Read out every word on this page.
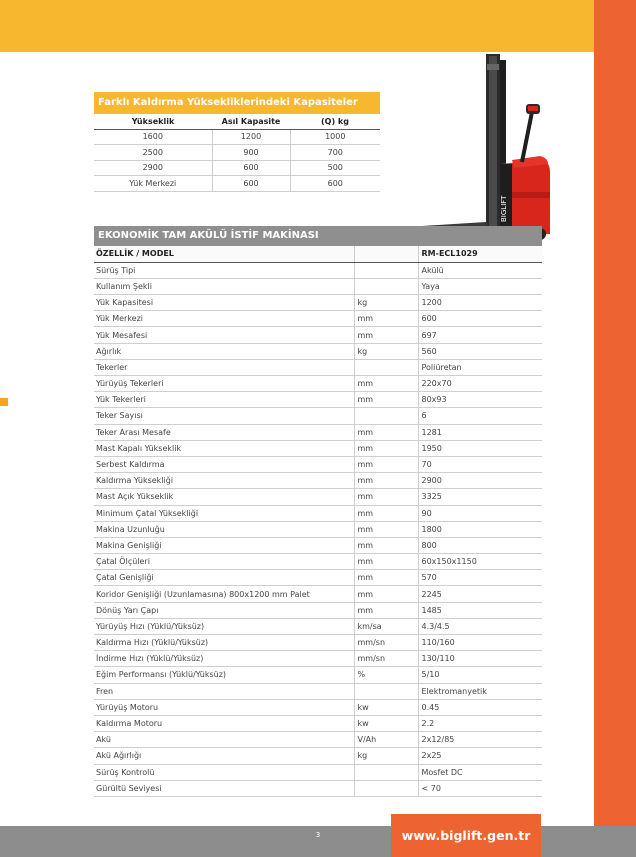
Farklı Kaldırma Yüksekliklerindeki Kapasiteler
Yükseklik	Asıl Kapasite	(Q) kg
1600	1200	1000
2500	900	700
2900	600	500
Yük Merkezi	600	600
BIGLIFT
EKONOMİK TAM AKÜLÜ İSTİF MAKİNASI
ÖZELLİK / MODEL		RM-ECL1029
Sürüş Tipi		Akülü
Kullanım Şekli		Yaya
Yük Kapasitesi	kg	1200
Yük Merkezi	mm	600
Yük Mesafesi	mm	697
Ağırlık	kg	560
Tekerler		Poliüretan
Yürüyüş Tekerleri	mm	220x70
Yük Tekerleri	mm	80x93
Teker Sayısı		6
Teker Arası Mesafe	mm	1281
Mast Kapalı Yükseklik	mm	1950
Serbest Kaldırma	mm	70
Kaldırma Yüksekliği	mm	2900
Mast Açık Yükseklik	mm	3325
Minimum Çatal Yüksekliği	mm	90
Makina Uzunluğu	mm	1800
Makina Genişliği	mm	800
Çatal Ölçüleri	mm	60x150x1150
Çatal Genişliği	mm	570
Koridor Genişliği (Uzunlamasına) 800x1200 mm Palet	mm	2245
Dönüş Yarı Çapı	mm	1485
Yürüyüş Hızı (Yüklü/Yüksüz)	km/sa	4.3/4.5
Kaldırma Hızı (Yüklü/Yüksüz)	mm/sn	110/160
İndirme Hızı (Yüklü/Yüksüz)	mm/sn	130/110
Eğim Performansı (Yüklü/Yüksüz)	%	5/10
Fren		Elektromanyetik
Yürüyüş Motoru	kw	0.45
Kaldırma Motoru	kw	2.2
Akü	V/Ah	2x12/85
Akü Ağırlığı	kg	2x25
Sürüş Kontrolü		Mosfet DC
Gürültü Seviyesi		< 70
3	www.biglift.gen.tr
